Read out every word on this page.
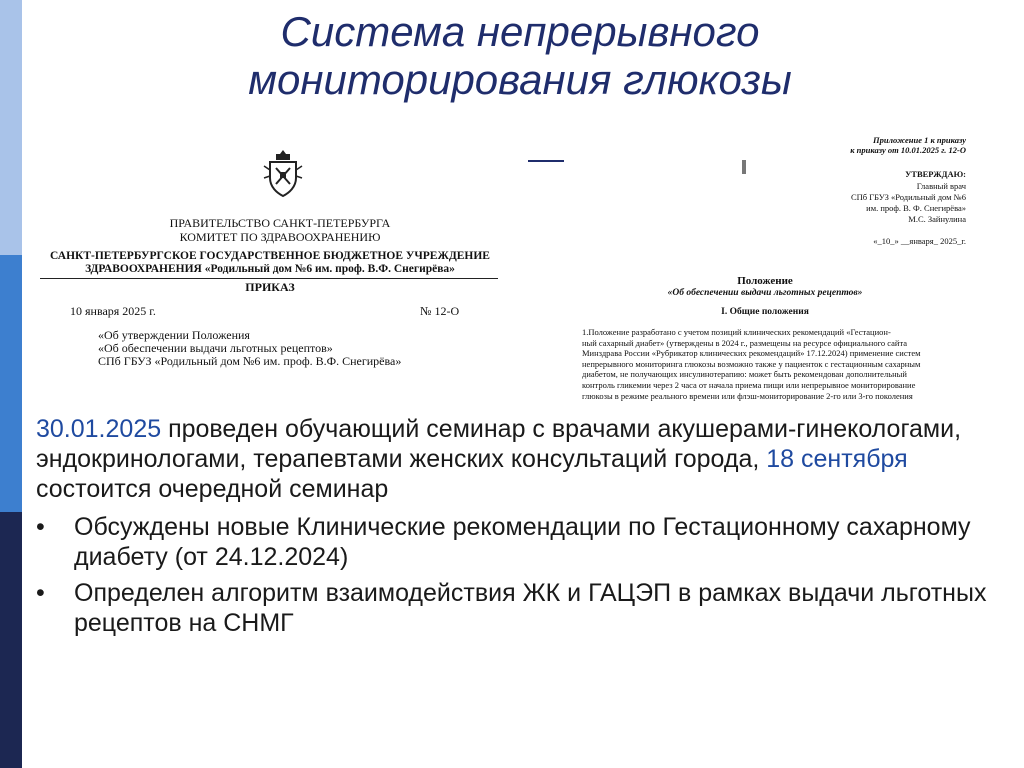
Система непрерывного
мониторирования глюкозы
ПРАВИТЕЛЬСТВО САНКТ-ПЕТЕРБУРГА
КОМИТЕТ ПО ЗДРАВООХРАНЕНИЮ
САНКТ-ПЕТЕРБУРГСКОЕ ГОСУДАРСТВЕННОЕ БЮДЖЕТНОЕ УЧРЕЖДЕНИЕ
ЗДРАВООХРАНЕНИЯ «Родильный дом №6 им. проф. В.Ф. Снегирёва»
ПРИКАЗ
10 января 2025 г.	№ 12-О
«Об утверждении Положения
«Об обеспечении выдачи льготных рецептов»
СПб ГБУЗ «Родильный дом №6 им. проф. В.Ф. Снегирёва»
Приложение 1 к приказу
к приказу от 10.01.2025 г. 12-О
УТВЕРЖДАЮ:
Главный врач
СПб ГБУЗ «Родильный дом №6
им. проф. В. Ф. Снегирёва»
М.С. Зайнулина
«_10_» __января_ 2025_г.
Положение
«Об обеспечении выдачи льготных рецептов»
I. Общие положения
1.Положение разработано с учетом позиций клинических рекомендаций «Гестацион-
ный сахарный диабет» (утверждены в 2024 г., размещены на ресурсе официального сайта
Минздрава России «Рубрикатор клинических рекомендаций» 17.12.2024) применение систем
непрерывного мониторинга глюкозы возможно также у пациенток с гестационным сахарным
диабетом, не получающих инсулинотерапию: может быть рекомендован дополнительный
контроль гликемии через 2 часа от начала приема пищи или непрерывное мониторирование
глюкозы в режиме реального времени или флэш-мониторирование 2-го или 3-го поколения

30.01.2025 проведен обучающий семинар с врачами акушерами-гинекологами, эндокринологами, терапевтами женских консультаций города, 18 сентября состоится очередной семинар

• Обсуждены новые Клинические рекомендации по Гестационному сахарному диабету (от 24.12.2024)
• Определен алгоритм взаимодействия ЖК и ГАЦЭП в рамках выдачи льготных рецептов на СНМГ
